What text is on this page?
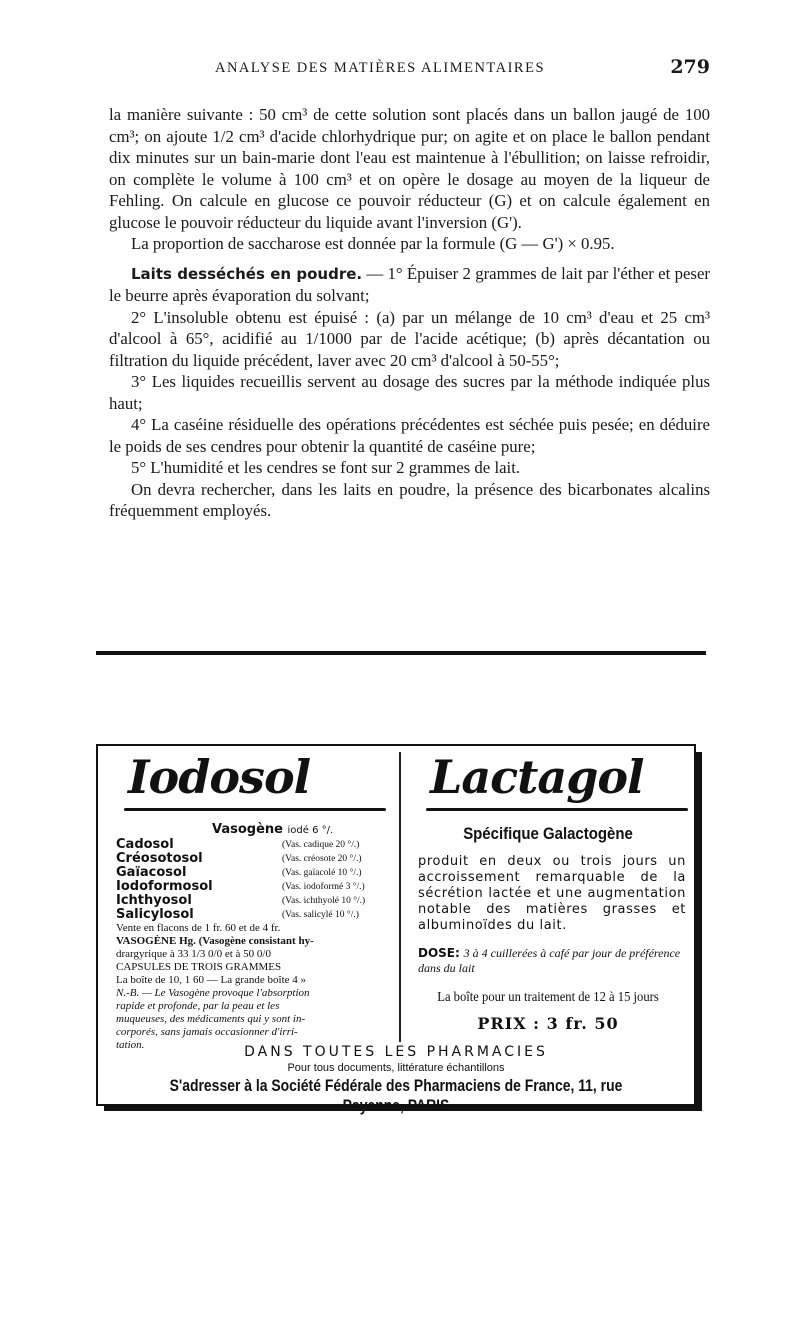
ANALYSE DES MATIÈRES ALIMENTAIRES	279

la manière suivante : 50 cm³ de cette solution sont placés dans un ballon jaugé de 100 cm³; on ajoute 1/2 cm³ d'acide chlorhydrique pur; on agite et on place le ballon pendant dix minutes sur un bain-marie dont l'eau est maintenue à l'ébullition; on laisse refroidir, on complète le volume à 100 cm³ et on opère le dosage au moyen de la liqueur de Fehling. On calcule en glucose ce pouvoir réducteur (G) et on calcule également en glucose le pouvoir réducteur du liquide avant l'inversion (G').

La proportion de saccharose est donnée par la formule (G — G') × 0.95.

Laits desséchés en poudre. — 1° Épuiser 2 grammes de lait par l'éther et peser le beurre après évaporation du solvant;

2° L'insoluble obtenu est épuisé : (a) par un mélange de 10 cm³ d'eau et 25 cm³ d'alcool à 65°, acidifié au 1/1000 par de l'acide acétique; (b) après décantation ou filtration du liquide précédent, laver avec 20 cm³ d'alcool à 50-55°;

3° Les liquides recueillis servent au dosage des sucres par la méthode indiquée plus haut;

4° La caséine résiduelle des opérations précédentes est séchée puis pesée; en déduire le poids de ses cendres pour obtenir la quantité de caséine pure;

5° L'humidité et les cendres se font sur 2 grammes de lait.

On devra rechercher, dans les laits en poudre, la présence des bicarbonates alcalins fréquemment employés.

Iodosol
Vasogène iodé 6 °/.
Cadosol	(Vas. cadique 20 °/.)
Créosotosol	(Vas. créosote 20 °/.)
Gaïacosol	(Vas. gaïacolé 10 °/.)
Iodoformosol	(Vas. iodoformé 3 °/.)
Ichthyosol	(Vas. ichthyolé 10 °/.)
Salicylosol	(Vas. salicylé 10 °/.)
Vente en flacons de 1 fr. 60 et de 4 fr.
VASOGÈNE Hg. (Vasogène consistant hy-
drargyrique à 33 1/3 0/0 et à 50 0/0
CAPSULES DE TROIS GRAMMES
La boîte de 10, 1 60 — La grande boîte 4 »
N.-B. — Le Vasogène provoque l'absorption
rapide et profonde, par la peau et les
muqueuses, des médicaments qui y sont in-
corporés, sans jamais occasionner d'irri-
tation.
Lactagol
Spécifique Galactogène
produit en deux ou trois jours un accroissement remarquable de la sécrétion lactée et une augmentation notable des matières grasses et albuminoïdes du lait.
DOSE: 3 à 4 cuillerées à café par jour de préférence dans du lait
La boîte pour un traitement de 12 à 15 jours
PRIX : 3 fr. 50
DANS TOUTES LES PHARMACIES
Pour tous documents, littérature échantillons
S'adresser à la Société Fédérale des Pharmaciens de France, 11, rue Payenne, PARIS
